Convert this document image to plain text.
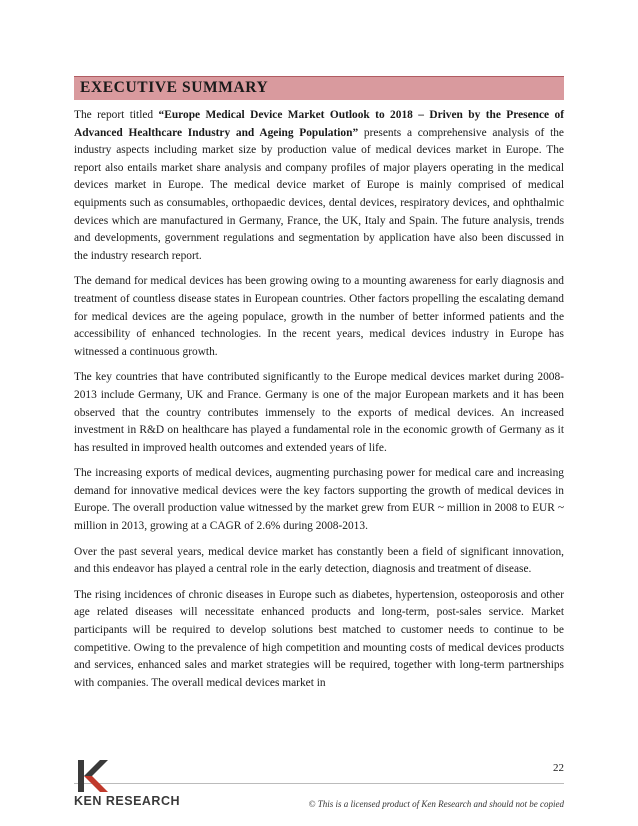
EXECUTIVE SUMMARY

The report titled “Europe Medical Device Market Outlook to 2018 – Driven by the Presence of Advanced Healthcare Industry and Ageing Population” presents a comprehensive analysis of the industry aspects including market size by production value of medical devices market in Europe. The report also entails market share analysis and company profiles of major players operating in the medical devices market in Europe. The medical device market of Europe is mainly comprised of medical equipments such as consumables, orthopaedic devices, dental devices, respiratory devices, and ophthalmic devices which are manufactured in Germany, France, the UK, Italy and Spain. The future analysis, trends and developments, government regulations and segmentation by application have also been discussed in the industry research report.

The demand for medical devices has been growing owing to a mounting awareness for early diagnosis and treatment of countless disease states in European countries. Other factors propelling the escalating demand for medical devices are the ageing populace, growth in the number of better informed patients and the accessibility of enhanced technologies. In the recent years, medical devices industry in Europe has witnessed a continuous growth.

The key countries that have contributed significantly to the Europe medical devices market during 2008-2013 include Germany, UK and France. Germany is one of the major European markets and it has been observed that the country contributes immensely to the exports of medical devices. An increased investment in R&D on healthcare has played a fundamental role in the economic growth of Germany as it has resulted in improved health outcomes and extended years of life.

The increasing exports of medical devices, augmenting purchasing power for medical care and increasing demand for innovative medical devices were the key factors supporting the growth of medical devices in Europe. The overall production value witnessed by the market grew from EUR ~ million in 2008 to EUR ~ million in 2013, growing at a CAGR of 2.6% during 2008-2013.

Over the past several years, medical device market has constantly been a field of significant innovation, and this endeavor has played a central role in the early detection, diagnosis and treatment of disease.

The rising incidences of chronic diseases in Europe such as diabetes, hypertension, osteoporosis and other age related diseases will necessitate enhanced products and long-term, post-sales service. Market participants will be required to develop solutions best matched to customer needs to continue to be competitive. Owing to the prevalence of high competition and mounting costs of medical devices products and services, enhanced sales and market strategies will be required, together with long-term partnerships with companies. The overall medical devices market in

22
KEN RESEARCH	© This is a licensed product of Ken Research and should not be copied
